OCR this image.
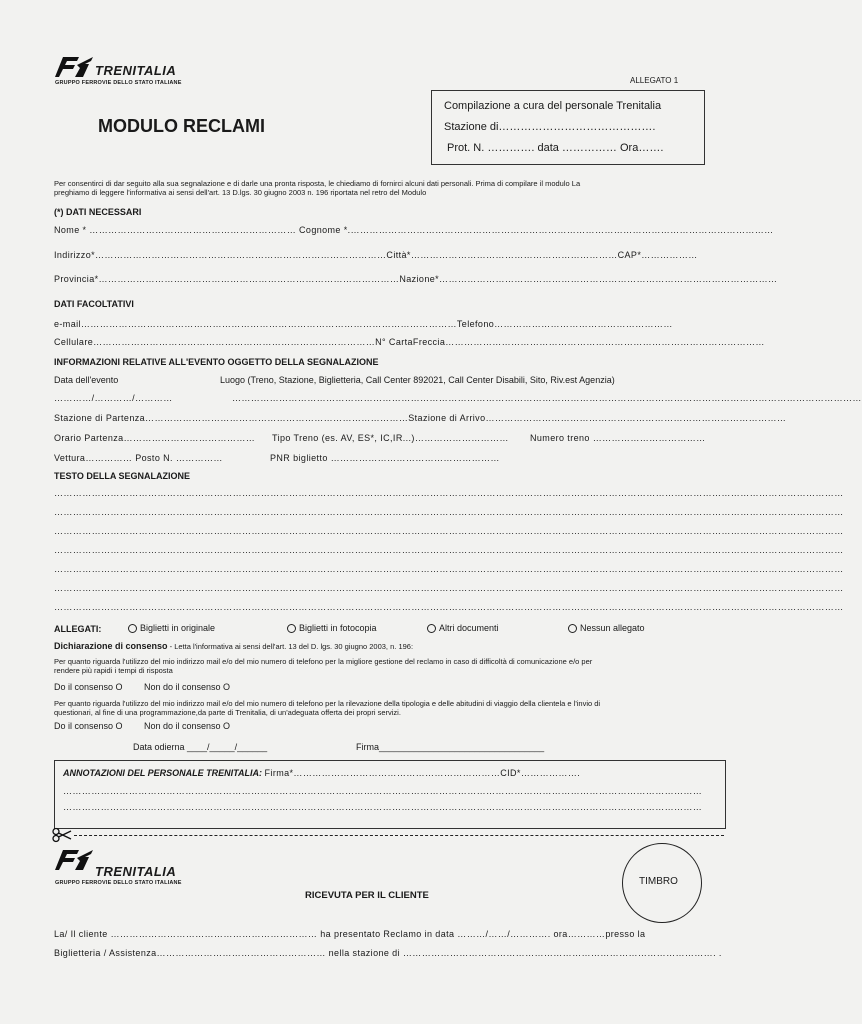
TRENITALIA
GRUPPO FERROVIE DELLO STATO ITALIANE	ALLEGATO 1
MODULO RECLAMI
Compilazione a cura del personale Trenitalia
Stazione di…………………………………….
Prot. N. …………. data …………… Ora…….
Per consentirci di dar seguito alla sua segnalazione e di darle una pronta risposta, le chiediamo di fornirci alcuni dati personali. Prima di compilare il modulo La
preghiamo di leggere l'informativa ai sensi dell'art. 13 D.lgs. 30 giugno 2003 n. 196 riportata nel retro del Modulo
(*) DATI NECESSARI
Nome * ………………………………………………………… Cognome *.………………………………………………………………………………………………………………………
Indirizzo*…………………………………………………………………………………Città*…………………………………………………………CAP*………………
Provincia*……………………………………………………………………………………Nazione*………………………………………………………………………………………………
DATI FACOLTATIVI
e-mail…………………………………………………………………………………………………………Telefono…………………………………………………
Cellulare………………………………………………………………………………N° CartaFreccia…………………………………………………………………………………………
INFORMAZIONI RELATIVE ALL'EVENTO OGGETTO DELLA SEGNALAZIONE
Data dell'evento	Luogo (Treno, Stazione, Biglietteria, Call Center 892021, Call Center Disabili, Sito, Riv.est Agenzia)
…………/…………/…………	…………………………………………………………………………………………………………………………………………………………………………………
Stazione di Partenza…………………………………………………………………………Stazione di Arrivo……………………………………………………………………………………
Orario Partenza…………………………………… Tipo Treno (es. AV, ES*, IC,IR...)………………………… Numero treno ………………………………
Vettura…………… Posto N. ……………	PNR biglietto ………………………………………………
TESTO DELLA SEGNALAZIONE
………………………………………………………………………………………………………………………………………………………………………………………………………………………………
………………………………………………………………………………………………………………………………………………………………………………………………………………………………
………………………………………………………………………………………………………………………………………………………………………………………………………………………………
………………………………………………………………………………………………………………………………………………………………………………………………………………………………
………………………………………………………………………………………………………………………………………………………………………………………………………………………………
………………………………………………………………………………………………………………………………………………………………………………………………………………………………
………………………………………………………………………………………………………………………………………………………………………………………………………………………………
ALLEGATI:	Biglietti in originale	Biglietti in fotocopia	Altri documenti	Nessun allegato
Dichiarazione di consenso - Letta l'informativa ai sensi dell'art. 13 del D. lgs. 30 giugno 2003, n. 196:
Per quanto riguarda l'utilizzo del mio indirizzo mail e/o del mio numero di telefono per la migliore gestione del reclamo in caso di difficoltà di comunicazione e/o per
rendere più rapidi i tempi di risposta
Do il consenso O Non do il consenso O
Per quanto riguarda l'utilizzo del mio indirizzo mail e/o del mio numero di telefono per la rilevazione della tipologia e delle abitudini di viaggio della clientela e l'invio di
questionari, al fine di una programmazione,da parte di Trenitalia, di un'adeguata offerta dei propri servizi.
Do il consenso O Non do il consenso O
Data odierna ____/_____/______	Firma_________________________________
ANNOTAZIONI DEL PERSONALE TRENITALIA: Firma*…………………………………………………………CID*……………….
……………………………………………………………………………………………………………………………………………………………………………………
……………………………………………………………………………………………………………………………………………………………………………………
TRENITALIA
GRUPPO FERROVIE DELLO STATO ITALIANE
RICEVUTA PER IL CLIENTE
TIMBRO
La/ Il cliente ………………………………………………………… ha presentato Reclamo in data ………/……/…………. ora…………presso la
Biglietteria / Assistenza……………………………………………… nella stazione di ………………………………………………………………………………………. .
